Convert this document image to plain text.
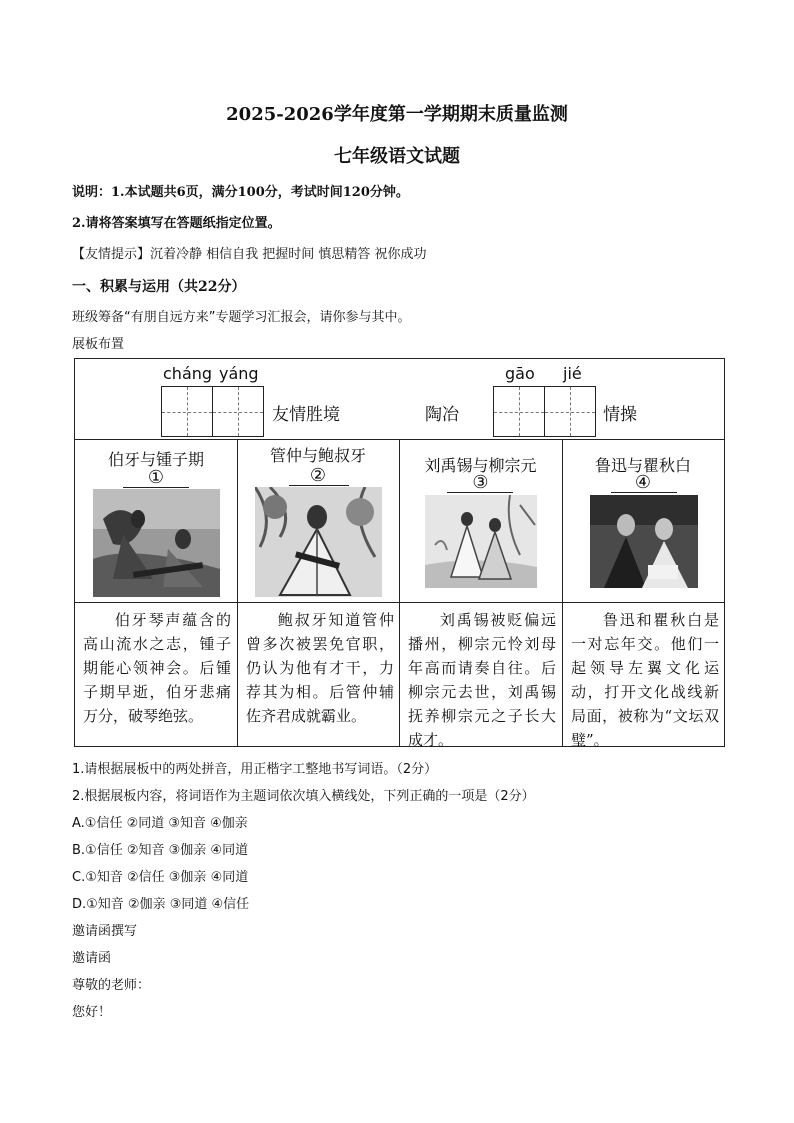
2025-2026学年度第一学期期末质量监测
七年级语文试题
说明：1.本试题共6页，满分100分，考试时间120分钟。
2.请将答案填写在答题纸指定位置。
【友情提示】沉着冷静 相信自我 把握时间 慎思精答 祝你成功
一、积累与运用（共22分）
班级筹备“有朋自远方来”专题学习汇报会，请你参与其中。
展板布置
cháng yáng
友情胜境	陶冶
gāo jié
情操
伯牙与锺子期
①
伯牙琴声蕴含的高山流水之志，锺子期能心领神会。后锺子期早逝，伯牙悲痛万分，破琴绝弦。
管仲与鲍叔牙
②
鲍叔牙知道管仲曾多次被罢免官职，仍认为他有才干，力荐其为相。后管仲辅佐齐君成就霸业。
刘禹锡与柳宗元
③
刘禹锡被贬偏远播州，柳宗元怜刘母年高而请奏自往。后柳宗元去世，刘禹锡抚养柳宗元之子长大成才。
鲁迅与瞿秋白
④
鲁迅和瞿秋白是一对忘年交。他们一起领导左翼文化运动，打开文化战线新局面，被称为“文坛双璧”。
1.请根据展板中的两处拼音，用正楷字工整地书写词语。（2分）
2.根据展板内容，将词语作为主题词依次填入横线处，下列正确的一项是（2分）
A.①信任 ②同道 ③知音 ④伽亲
B.①信任 ②知音 ③伽亲 ④同道
C.①知音 ②信任 ③伽亲 ④同道
D.①知音 ②伽亲 ③同道 ④信任
邀请函撰写
邀请函
尊敬的老师：
您好！
